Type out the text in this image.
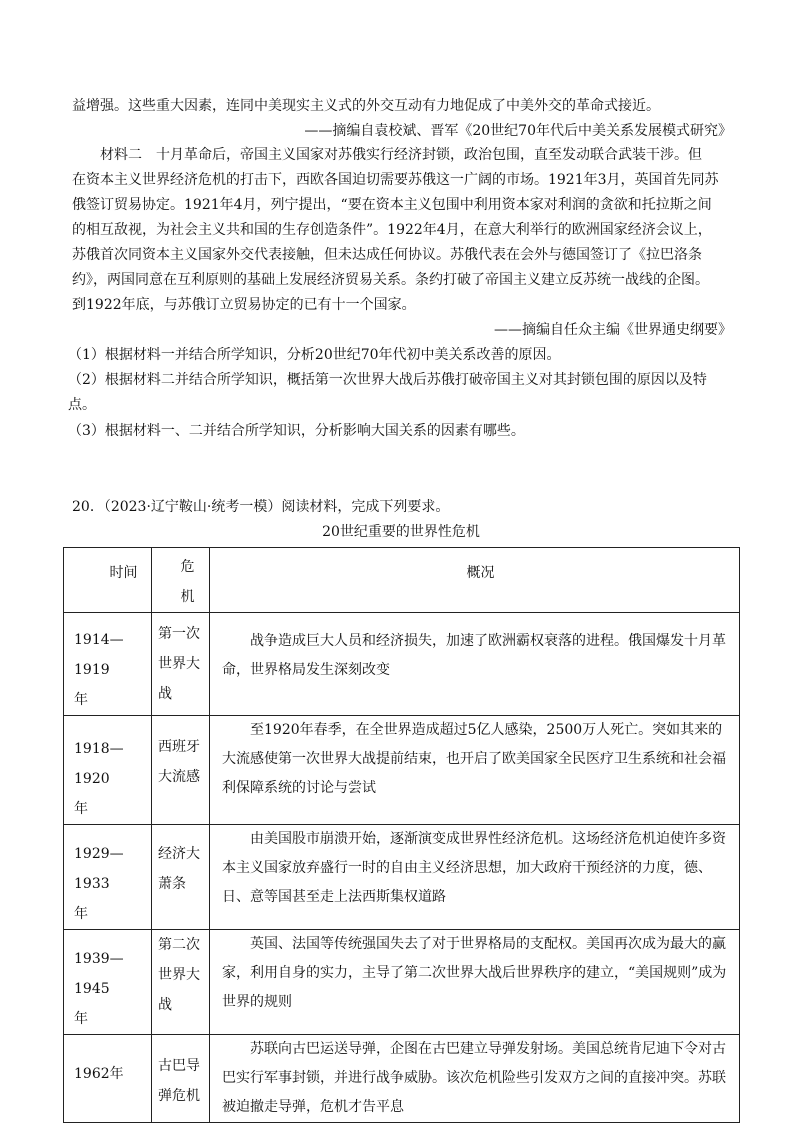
益增强。这些重大因素，连同中美现实主义式的外交互动有力地促成了中美外交的革命式接近。
——摘编自袁校斌、晋军《20世纪70年代后中美关系发展模式研究》
材料二　十月革命后，帝国主义国家对苏俄实行经济封锁，政治包围，直至发动联合武装干涉。但
在资本主义世界经济危机的打击下，西欧各国迫切需要苏俄这一广阔的市场。1921年3月，英国首先同苏
俄签订贸易协定。1921年4月，列宁提出，“要在资本主义包围中利用资本家对利润的贪欲和托拉斯之间
的相互敌视，为社会主义共和国的生存创造条件”。1922年4月，在意大利举行的欧洲国家经济会议上，
苏俄首次同资本主义国家外交代表接触，但未达成任何协议。苏俄代表在会外与德国签订了《拉巴洛条
约》，两国同意在互利原则的基础上发展经济贸易关系。条约打破了帝国主义建立反苏统一战线的企图。
到1922年底，与苏俄订立贸易协定的已有十一个国家。
——摘编自任众主编《世界通史纲要》
（1）根据材料一并结合所学知识，分析20世纪70年代初中美关系改善的原因。
（2）根据材料二并结合所学知识，概括第一次世界大战后苏俄打破帝国主义对其封锁包围的原因以及特
点。
（3）根据材料一、二并结合所学知识，分析影响大国关系的因素有哪些。
20．（2023·辽宁鞍山·统考一模）阅读材料，完成下列要求。
20世纪重要的世界性危机
时间	危
机	概况

1914—1919
年	第一次
世界大
战	战争造成巨大人员和经济损失，加速了欧洲霸权衰落的进程。俄国爆发十月革命，世界格局发生深刻改变

1918—1920
年	西班牙
大流感	至1920年春季，在全世界造成超过5亿人感染，2500万人死亡。突如其来的大流感使第一次世界大战提前结束，也开启了欧美国家全民医疗卫生系统和社会福利保障系统的讨论与尝试

1929—1933
年	经济大
萧条	由美国股市崩溃开始，逐渐演变成世界性经济危机。这场经济危机迫使许多资本主义国家放弃盛行一时的自由主义经济思想，加大政府干预经济的力度，德、日、意等国甚至走上法西斯集权道路

1939—1945
年	第二次
世界大
战	英国、法国等传统强国失去了对于世界格局的支配权。美国再次成为最大的赢家，利用自身的实力，主导了第二次世界大战后世界秩序的建立，“美国规则”成为世界的规则

1962年	古巴导
弹危机	苏联向古巴运送导弹，企图在古巴建立导弹发射场。美国总统肯尼迪下令对古巴实行军事封锁，并进行战争威胁。该次危机险些引发双方之间的直接冲突。苏联被迫撤走导弹，危机才告平息
